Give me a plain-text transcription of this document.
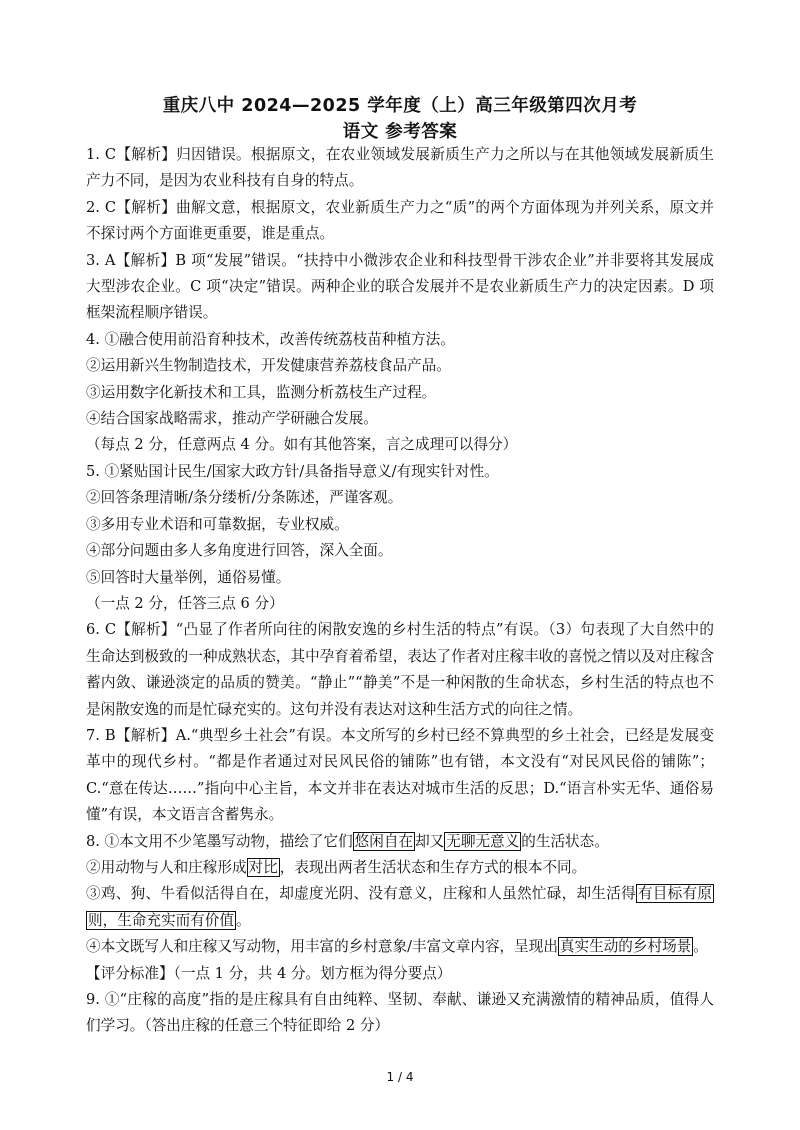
重庆八中 2024—2025 学年度（上）高三年级第四次月考
语文 参考答案

1. C【解析】归因错误。根据原文，在农业领域发展新质生产力之所以与在其他领域发展新质生产力不同，是因为农业科技有自身的特点。

2. C【解析】曲解文意，根据原文，农业新质生产力之“质”的两个方面体现为并列关系，原文并不探讨两个方面谁更重要，谁是重点。

3. A【解析】B 项“发展”错误。“扶持中小微涉农企业和科技型骨干涉农企业”并非要将其发展成大型涉农企业。C 项“决定”错误。两种企业的联合发展并不是农业新质生产力的决定因素。D 项框架流程顺序错误。

4. ①融合使用前沿育种技术，改善传统荔枝苗种植方法。

②运用新兴生物制造技术，开发健康营养荔枝食品产品。

③运用数字化新技术和工具，监测分析荔枝生产过程。

④结合国家战略需求，推动产学研融合发展。

（每点 2 分，任意两点 4 分。如有其他答案，言之成理可以得分）

5. ①紧贴国计民生/国家大政方针/具备指导意义/有现实针对性。

②回答条理清晰/条分缕析/分条陈述，严谨客观。

③多用专业术语和可靠数据，专业权威。

④部分问题由多人多角度进行回答，深入全面。

⑤回答时大量举例，通俗易懂。

（一点 2 分，任答三点 6 分）

6. C【解析】“凸显了作者所向往的闲散安逸的乡村生活的特点”有误。（3）句表现了大自然中的生命达到极致的一种成熟状态，其中孕育着希望，表达了作者对庄稼丰收的喜悦之情以及对庄稼含蓄内敛、谦逊淡定的品质的赞美。“静止”“静美”不是一种闲散的生命状态，乡村生活的特点也不是闲散安逸的而是忙碌充实的。这句并没有表达对这种生活方式的向往之情。

7. B【解析】A.“典型乡土社会”有误。本文所写的乡村已经不算典型的乡土社会，已经是发展变革中的现代乡村。“都是作者通过对民风民俗的铺陈”也有错，本文没有“对民风民俗的铺陈”；C.“意在传达……”指向中心主旨，本文并非在表达对城市生活的反思；D.“语言朴实无华、通俗易懂”有误，本文语言含蓄隽永。

8. ①本文用不少笔墨写动物，描绘了它们 悠闲自在 却又 无聊无意义 的生活状态。

②用动物与人和庄稼形成 对比 ，表现出两者生活状态和生存方式的根本不同。

③鸡、狗、牛看似活得自在，却虚度光阴、没有意义，庄稼和人虽然忙碌，却生活得 有目标有原则，生命充实而有价值 。

④本文既写人和庄稼又写动物，用丰富的乡村意象/丰富文章内容，呈现出 真实生动的乡村场景 。

【评分标准】（一点 1 分，共 4 分。划方框为得分要点）

9. ①“庄稼的高度”指的是庄稼具有自由纯粹、坚韧、奉献、谦逊又充满激情的精神品质，值得人们学习。（答出庄稼的任意三个特征即给 2 分）

1 / 4
